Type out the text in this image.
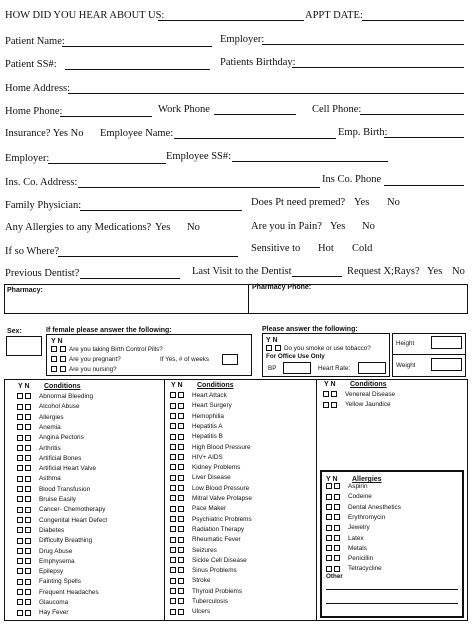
HOW DID YOU HEAR ABOUT US:	APPT DATE:
Patient Name:	Employer:
Patient SS#:	Patients Birthday:
Home Address:
Home Phone:	Work Phone	Cell Phone:
Insurance? Yes No Employee Name:	Emp. Birth:
Employer:	Employee SS#:
Ins. Co. Address:	Ins Co. Phone
Family Physician:	Does Pt need premed? Yes No
Any Allergies to any Medications? Yes No	Are you in Pain? Yes No
If so Where?	Sensitive to Hot Cold
Previous Dentist?	Last Visit to the Dentist	Request X;Rays? Yes No
Pharmacy:	Pharmacy Phone:
Sex:	If female please answer the following:
Y N
Are you taking Birth Control Pills?
Are you pregnant?
Are you nursing?
If Yes, # of weeks
Please answer the following:
Y N
Do you smoke or use tobacco?
For Office Use Only
BP	Heart Rate:
Height
Weight
Y N Conditions	Y N Conditions	Y N Conditions
Abnormal Bleeding
Alcohol Abuse
Allergies
Anemia
Angina Pectoris
Arthritis
Artificial Bones
Artificial Heart Valve
Asthma
Blood Transfusion
Bruise Easily
Cancer- Chemotherapy
Congenital Heart Defect
Diabetes
Difficulty Breathing
Drug Abuse
Emphysema
Epilepsy
Fainting Spells
Frequent Headaches
Glaucoma
Hay Fever
Heart Attack
Heart Surgery
Hemophilia
Hepatitis A
Hepatitis B
High Blood Pressure
HIV+ AIDS
Kidney Problems
Liver Disease
Low Blood Pressure
Mitral Valve Prolapse
Pace Maker
Psychiatric Problems
Radiation Therapy
Rheumatic Fever
Seizures
Sickle Cell Disease
Sinus Problems
Stroke
Thyroid Problems
Tuberculosis
Ulcers
Venereal Disease
Yellow Jaundice
Y N Allergies
Aspirin
Codeine
Dental Anesthetics
Erythromycin
Jewelry
Latex
Metals
Penicillin
Tetracycline
Other
